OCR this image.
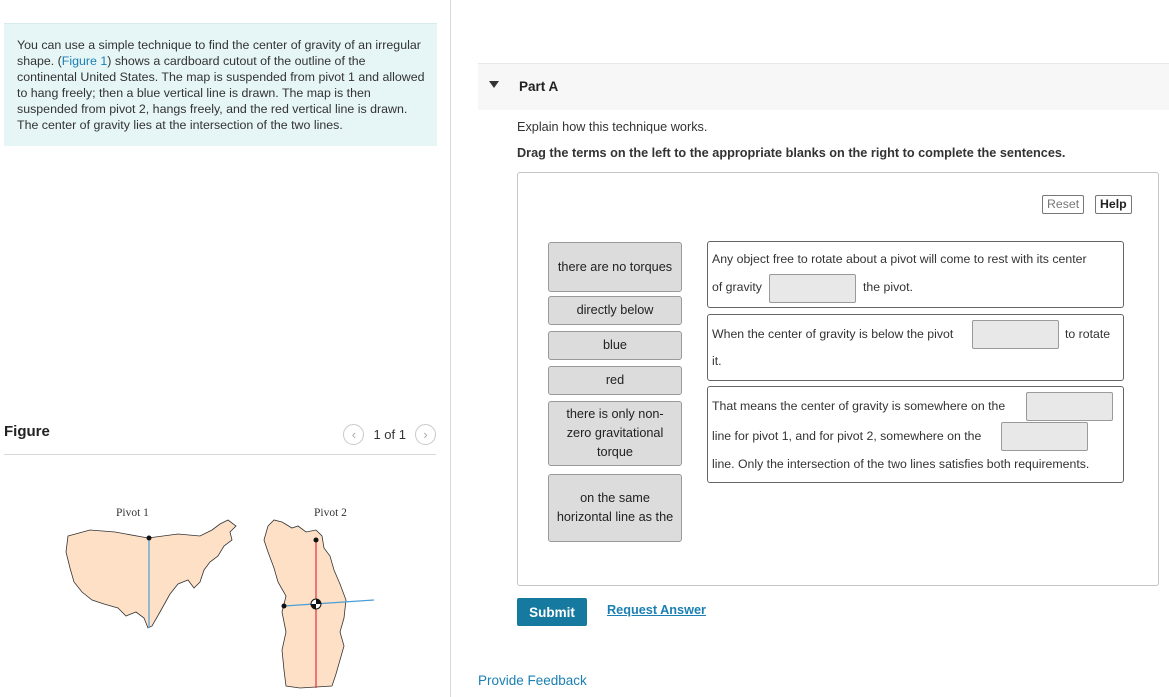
You can use a simple technique to find the center of gravity of an irregular shape. (Figure 1) shows a cardboard cutout of the outline of the continental United States. The map is suspended from pivot 1 and allowed to hang freely; then a blue vertical line is drawn. The map is then suspended from pivot 2, hangs freely, and the red vertical line is drawn. The center of gravity lies at the intersection of the two lines.
Figure	‹ 1 of 1 ›
Pivot 1	Pivot 2
Part A
Explain how this technique works.
Drag the terms on the left to the appropriate blanks on the right to complete the sentences.
Reset	Help
there are no torques
directly below
blue
red
there is only non-zero gravitational torque
on the same horizontal line as the
Any object free to rotate about a pivot will come to rest with its center
of gravity	the pivot.
When the center of gravity is below the pivot	to rotate
it.
That means the center of gravity is somewhere on the
line for pivot 1, and for pivot 2, somewhere on the
line. Only the intersection of the two lines satisfies both requirements.
Submit	Request Answer
Provide Feedback
